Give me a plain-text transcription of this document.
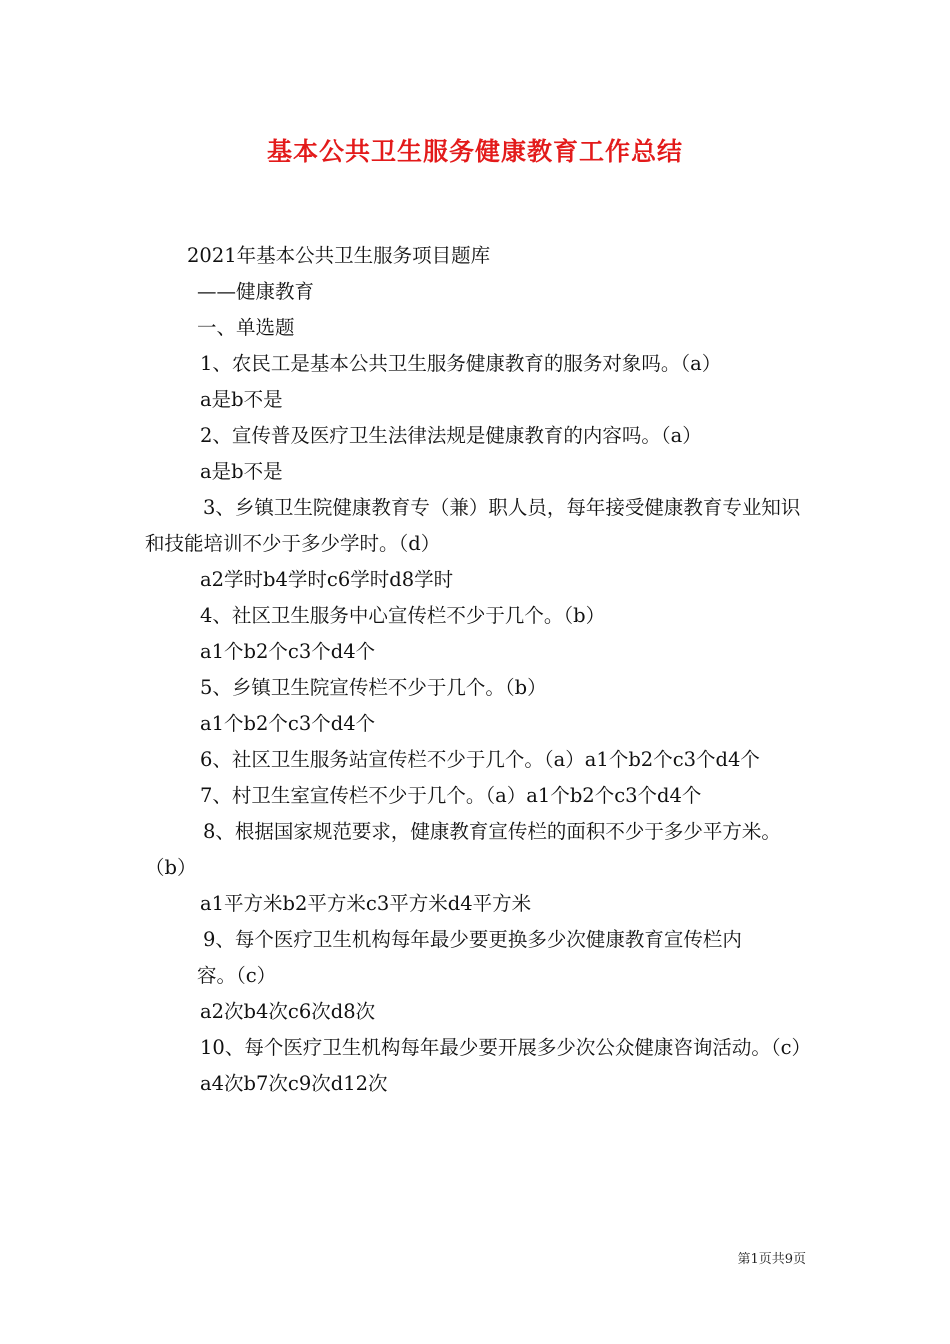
基本公共卫生服务健康教育工作总结

2021年基本公共卫生服务项目题库

——健康教育

一、单选题

1、农民工是基本公共卫生服务健康教育的服务对象吗。（a）

a是b不是

2、宣传普及医疗卫生法律法规是健康教育的内容吗。（a）

a是b不是

3、乡镇卫生院健康教育专（兼）职人员，每年接受健康教育专业知识和技能培训不少于多少学时。（d）

a2学时b4学时c6学时d8学时

4、社区卫生服务中心宣传栏不少于几个。（b）

a1个b2个c3个d4个

5、乡镇卫生院宣传栏不少于几个。（b）

a1个b2个c3个d4个

6、社区卫生服务站宣传栏不少于几个。（a）a1个b2个c3个d4个

7、村卫生室宣传栏不少于几个。（a）a1个b2个c3个d4个

8、根据国家规范要求，健康教育宣传栏的面积不少于多少平方米。（b）

a1平方米b2平方米c3平方米d4平方米

9、每个医疗卫生机构每年最少要更换多少次健康教育宣传栏内

容。（c）

a2次b4次c6次d8次

10、每个医疗卫生机构每年最少要开展多少次公众健康咨询活动。（c）

a4次b7次c9次d12次

第1页共9页
